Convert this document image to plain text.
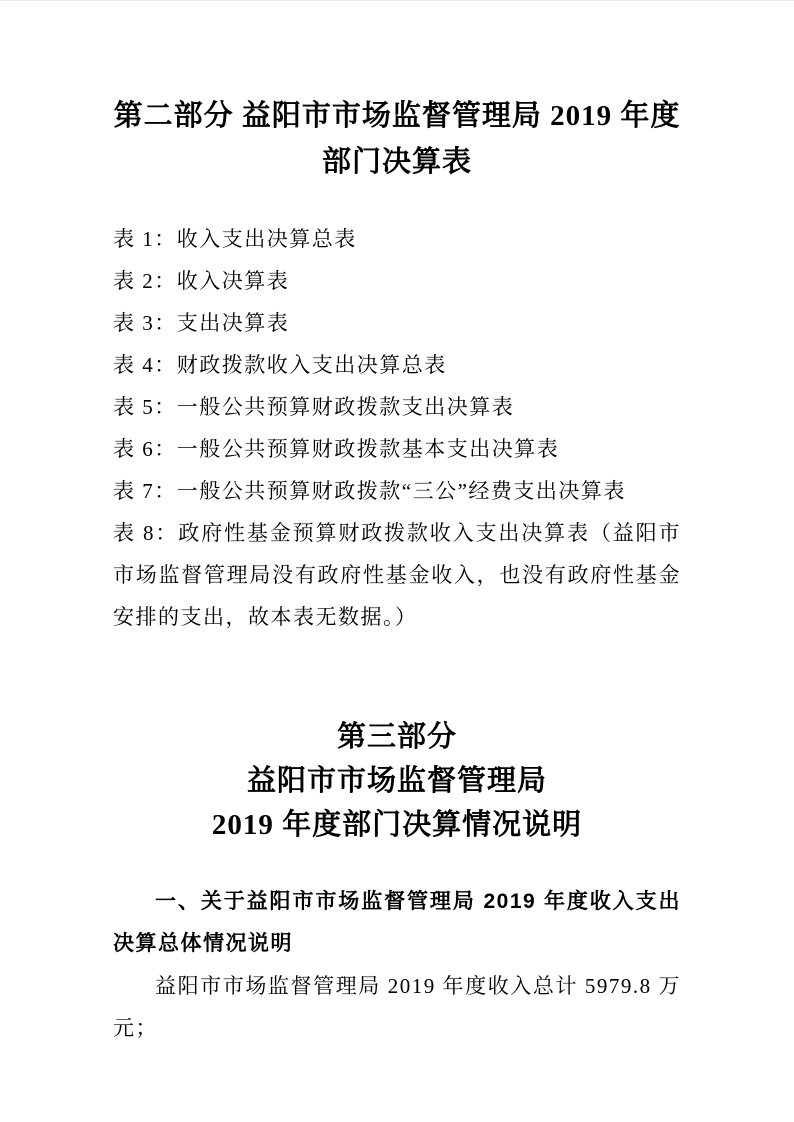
第二部分 益阳市市场监督管理局 2019 年度
部门决算表
表 1：收入支出决算总表
表 2：收入决算表
表 3：支出决算表
表 4：财政拨款收入支出决算总表
表 5：一般公共预算财政拨款支出决算表
表 6：一般公共预算财政拨款基本支出决算表
表 7：一般公共预算财政拨款“三公”经费支出决算表
表 8：政府性基金预算财政拨款收入支出决算表（益阳市市场监督管理局没有政府性基金收入，也没有政府性基金安排的支出，故本表无数据。）
第三部分
益阳市市场监督管理局
2019 年度部门决算情况说明
一、关于益阳市市场监督管理局 2019 年度收入支出决算总体情况说明

益阳市市场监督管理局 2019 年度收入总计 5979.8 万元；
